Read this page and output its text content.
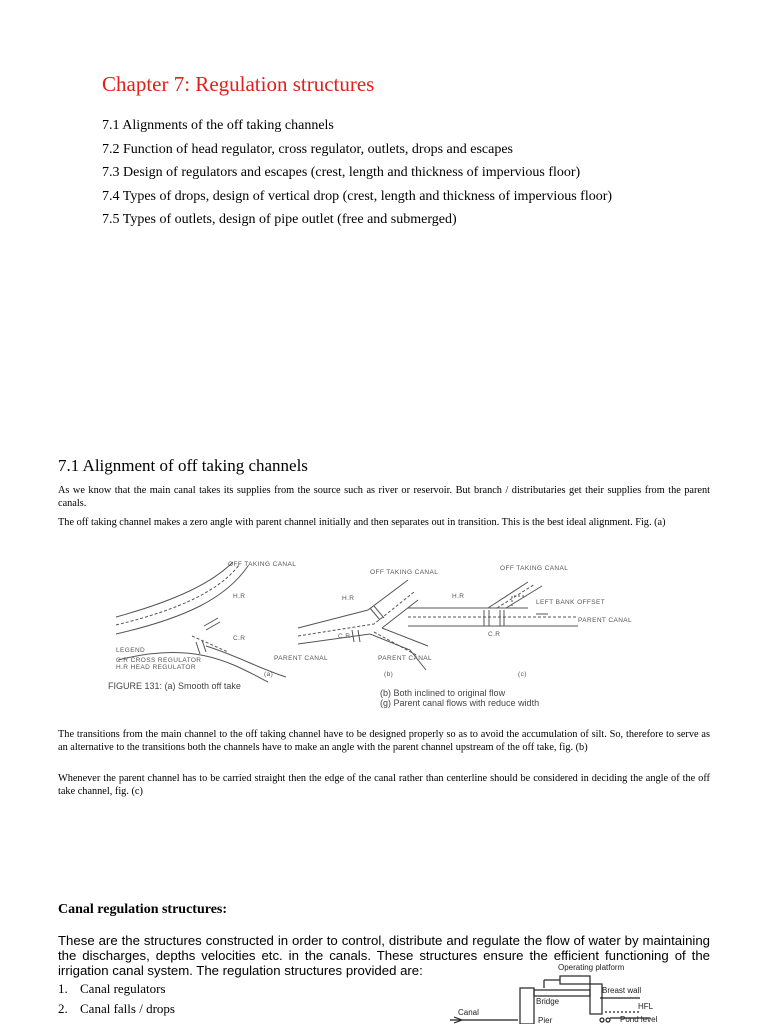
Chapter 7: Regulation structures
7.1 Alignments of the off taking channels
7.2 Function of head regulator, cross regulator, outlets, drops and escapes
7.3 Design of regulators and escapes (crest, length and thickness of impervious floor)
7.4 Types of drops, design of vertical drop (crest, length and thickness of impervious floor)
7.5 Types of outlets, design of pipe outlet (free and submerged)
7.1 Alignment of off taking channels

As we know that the main canal takes its supplies from the source such as river or reservoir. But branch / distributaries get their supplies from the parent canals.

The off taking channel makes a zero angle with parent channel initially and then separates out in transition. This is the best ideal alignment. Fig. (a)

OFF TAKING CANAL
H.R
C.R
PARENT CANAL
OFF TAKING CANAL
H.R
C.R
PARENT CANAL
OFF TAKING CANAL
H.R
C.R
LEFT BANK OFFSET
PARENT CANAL
LEGEND
C.R CROSS REGULATOR
H.R HEAD REGULATOR
(a)	(b)	(c)
FIGURE 131: (a) Smooth off take
(b) Both inclined to original flow
(g) Parent canal flows with reduce width

The transitions from the main channel to the off taking channel have to be designed properly so as to avoid the accumulation of silt. So, therefore to serve as an alternative to the transitions both the channels have to make an angle with the parent channel upstream of the off take, fig. (b)

Whenever the parent channel has to be carried straight then the edge of the canal rather than centerline should be considered in deciding the angle of the off take channel, fig. (c)

Canal regulation structures:

These are the structures constructed in order to control, distribute and regulate the flow of water by maintaining the discharges, depths velocities etc. in the canals. These structures ensure the efficient functioning of the irrigation canal system. The regulation structures provided are:

1. Canal regulators
2. Canal falls / drops
Operating platform
Breast wall
HFL
Bridge
Pond level
Canal
Pier
